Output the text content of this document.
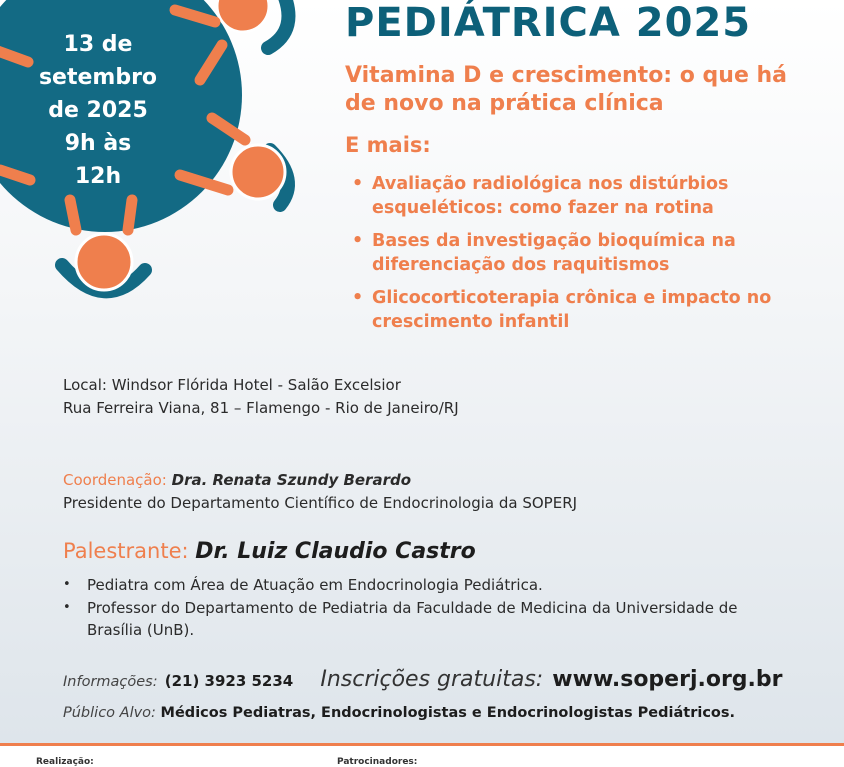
13 de
setembro
de 2025
9h às 12h
PEDIÁTRICA 2025
Vitamina D e crescimento: o que há de novo na prática clínica
E mais:
• Avaliação radiológica nos distúrbios esqueléticos: como fazer na rotina
• Bases da investigação bioquímica na diferenciação dos raquitismos
• Glicocorticoterapia crônica e impacto no crescimento infantil
Local: Windsor Flórida Hotel - Salão Excelsior
Rua Ferreira Viana, 81 – Flamengo - Rio de Janeiro/RJ
Coordenação: Dra. Renata Szundy Berardo
Presidente do Departamento Científico de Endocrinologia da SOPERJ
Palestrante: Dr. Luiz Claudio Castro
• Pediatra com Área de Atuação em Endocrinologia Pediátrica.
• Professor do Departamento de Pediatria da Faculdade de Medicina da Universidade de Brasília (UnB).
Informações: (21) 3923 5234 Inscrições gratuitas: www.soperj.org.br
Público Alvo: Médicos Pediatras, Endocrinologistas e Endocrinologistas Pediátricos.
Realização:	Patrocinadores:
